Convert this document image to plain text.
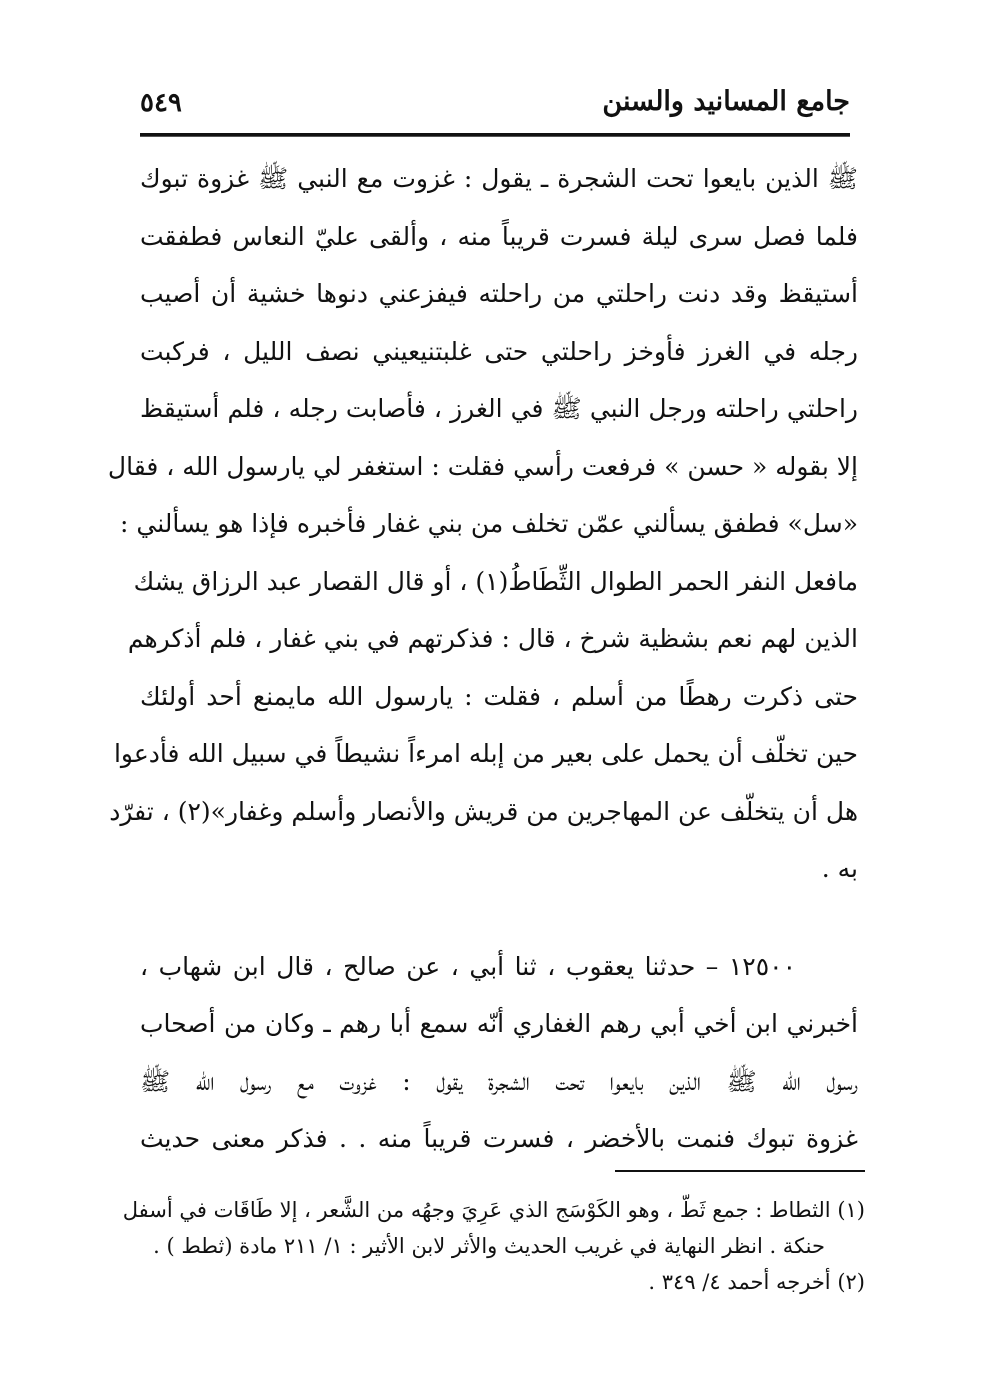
جامع المسانيد والسنن
٥٤٩
ﷺ الذين بايعوا تحت الشجرة ـ يقول : غزوت مع النبي ﷺ غزوة تبوك
فلما فصل سرى ليلة فسرت قريباً منه ، وألقى عليّ النعاس فطفقت
أستيقظ وقد دنت راحلتي من راحلته فيفزعني دنوها خشية أن أصيب
رجله في الغرز فأوخز راحلتي حتى غلبتنيعيني نصف الليل ، فركبت
راحلتي راحلته ورجل النبي ﷺ في الغرز ، فأصابت رجله ، فلم أستيقظ
إلا بقوله « حسن » فرفعت رأسي فقلت : استغفر لي يارسول الله ، فقال
«سل» فطفق يسألني عمّن تخلف من بني غفار فأخبره فإذا هو يسألني :
مافعل النفر الحمر الطوال الثِّطَاطُ(١) ، أو قال القصار عبد الرزاق يشك
الذين لهم نعم بشظية شرخ ، قال : فذكرتهم في بني غفار ، فلم أذكرهم
حتى ذكرت رهطًا من أسلم ، فقلت : يارسول الله مايمنع أحد أولئك
حين تخلّف أن يحمل على بعير من إبله امرءاً نشيطاً في سبيل الله فأدعوا
هل أن يتخلّف عن المهاجرين من قريش والأنصار وأسلم وغفار»(٢) ، تفرّد
به .
١٢٥٠٠ – حدثنا يعقوب ، ثنا أبي ، عن صالح ، قال ابن شهاب ،
أخبرني ابن أخي أبي رهم الغفاري أنّه سمع أبا رهم ـ وكان من أصحاب
رسول الله ﷺ الذين بايعوا تحت الشجرة يقول : غزوت مع رسول الله ﷺ
غزوة تبوك فنمت بالأخضر ، فسرت قريباً منه . . فذكر معنى حديث
(١) الثطاط : جمع ثَطّ ، وهو الكَوْسَج الذي عَرِيَ وجهُه من الشَّعر ، إلا طَاقَات في أسفل
حنكة . انظر النهاية في غريب الحديث والأثر لابن الأثير : ١/ ٢١١ مادة (ثطط ) .
(٢) أخرجه أحمد ٤/ ٣٤٩ .
